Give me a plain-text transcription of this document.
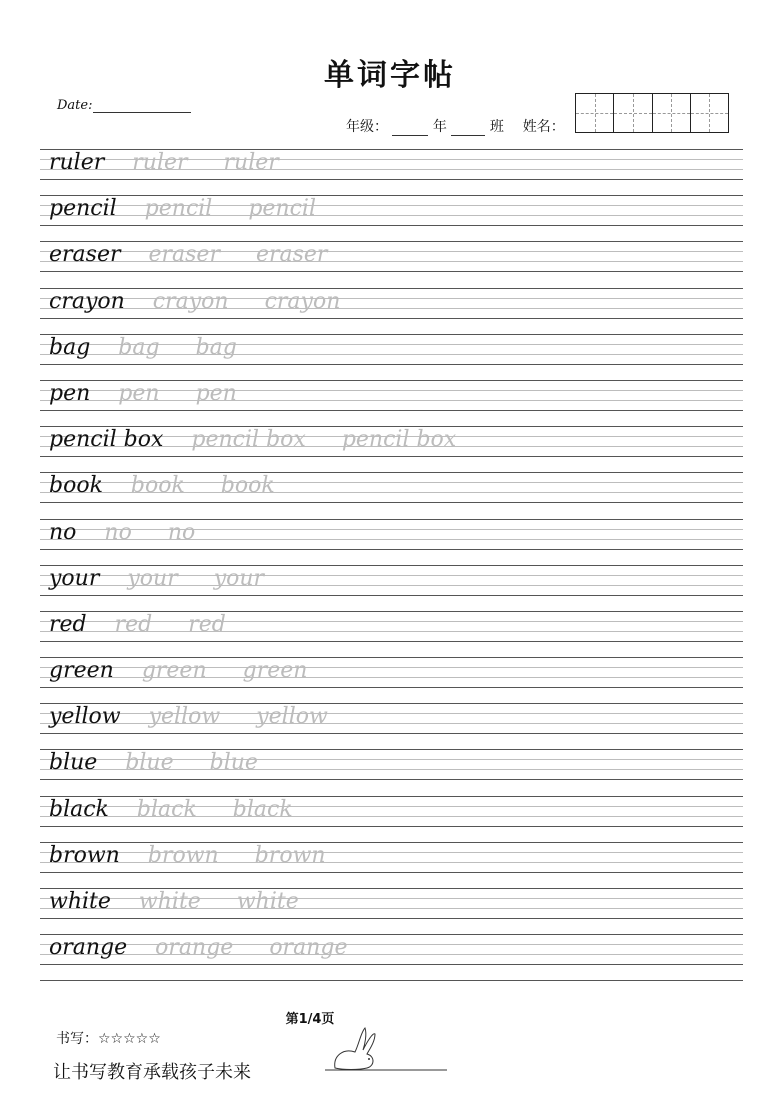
单词字帖
Date:
年级：	年	班 姓名：
ruler ruler ruler
pencil pencil pencil
eraser eraser eraser
crayon crayon crayon
bag bag bag
pen pen pen
pencil box pencil box pencil box
book book book
no no no
your your your
red red red
green green green
yellow yellow yellow
blue blue blue
black black black
brown brown brown
white white white
orange orange orange
第1/4页
书写：☆☆☆☆☆
让书写教育承载孩子未来
